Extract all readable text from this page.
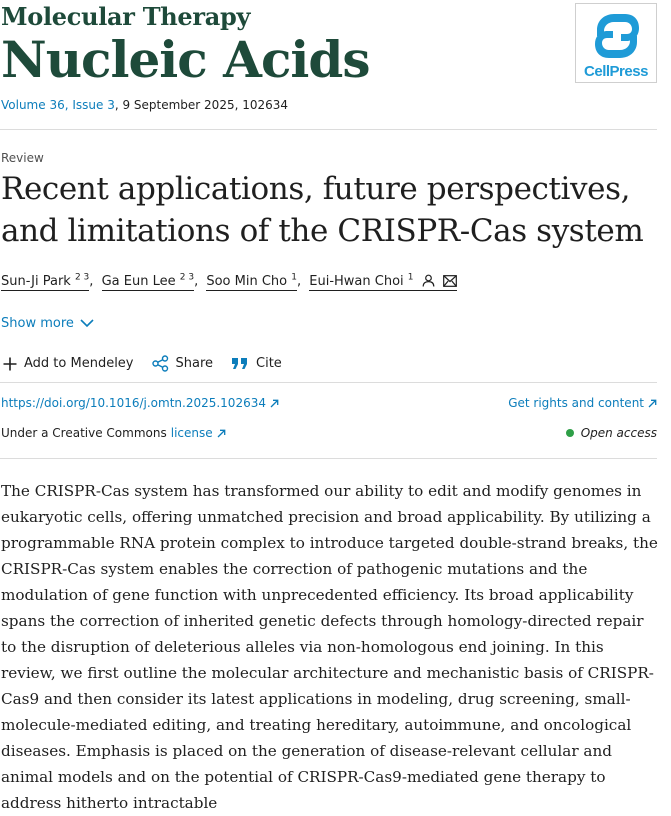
Molecular Therapy
Nucleic Acids
Volume 36, Issue 3, 9 September 2025, 102634
CellPress
Review
Recent applications, future perspectives, and limitations of the CRISPR-Cas system
Sun-Ji Park $^{2 3}$, Ga Eun Lee $^{2 3}$, Soo Min Cho $^1$, Eui-Hwan Choi $^1$
Show more
Add to Mendeley	Share	Cite
https://doi.org/10.1016/j.omtn.2025.102634	Get rights and content
Under a Creative Commons license	Open access

The CRISPR-Cas system has transformed our ability to edit and modify genomes in eukaryotic cells, offering unmatched precision and broad applicability. By utilizing a programmable RNA protein complex to introduce targeted double-strand breaks, the CRISPR-Cas system enables the correction of pathogenic mutations and the modulation of gene function with unprecedented efficiency. Its broad applicability spans the correction of inherited genetic defects through homology-directed repair to the disruption of deleterious alleles via non-homologous end joining. In this review, we first outline the molecular architecture and mechanistic basis of CRISPR-Cas9 and then consider its latest applications in modeling, drug screening, small-molecule-mediated editing, and treating hereditary, autoimmune, and oncological diseases. Emphasis is placed on the generation of disease-relevant cellular and animal models and on the potential of CRISPR-Cas9-mediated gene therapy to address hitherto intractable
